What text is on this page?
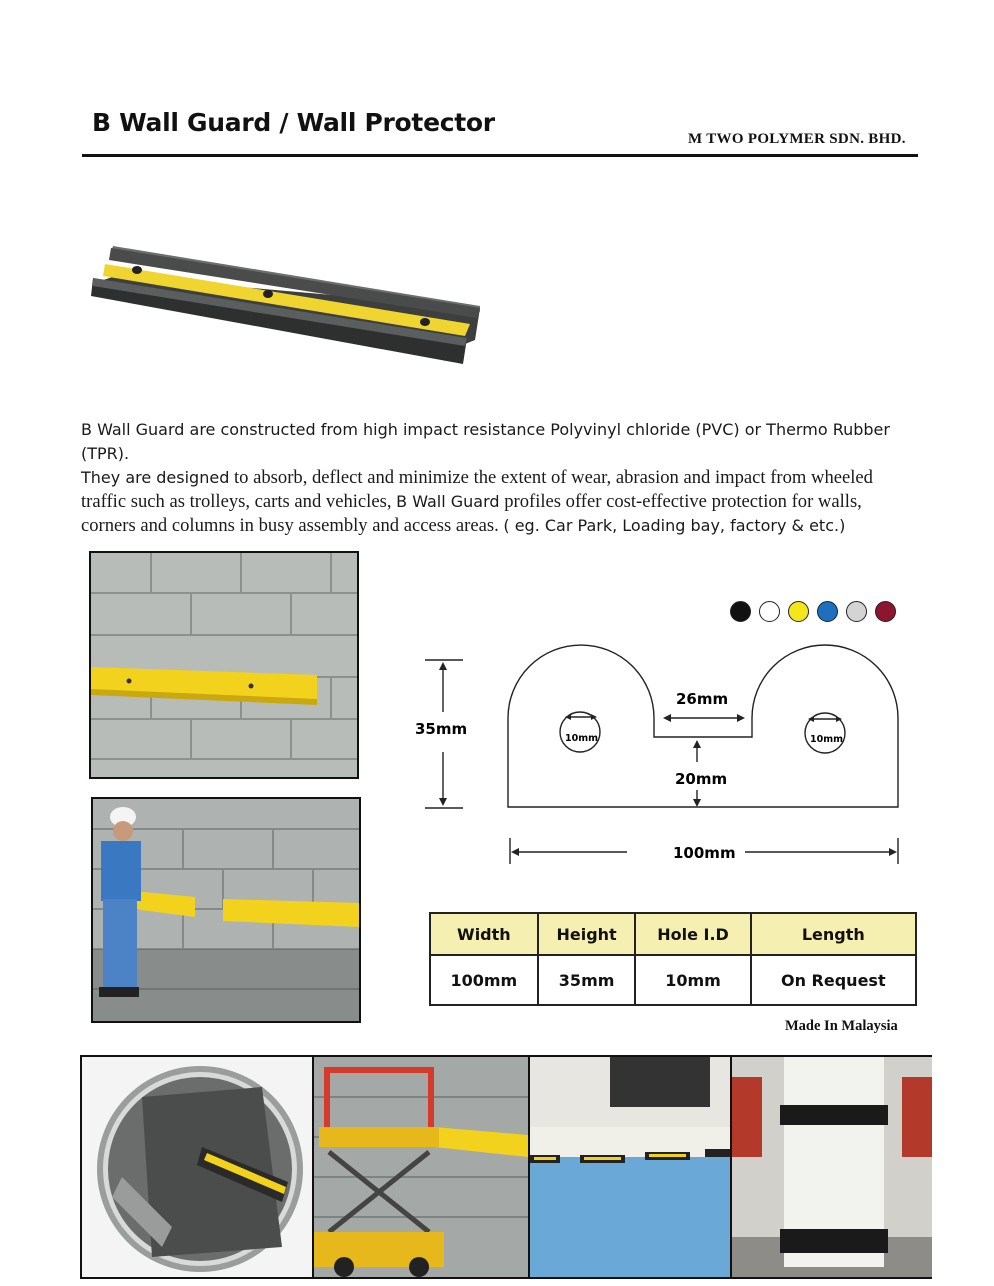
B Wall Guard / Wall Protector
M TWO POLYMER SDN. BHD.
B Wall Guard are constructed from high impact resistance Polyvinyl chloride (PVC) or Thermo Rubber (TPR).
They are designed to absorb, deflect and minimize the extent of wear, abrasion and impact from wheeled
traffic such as trolleys, carts and vehicles, B Wall Guard profiles offer cost-effective protection for walls,
corners and columns in busy assembly and access areas. ( eg. Car Park, Loading bay, factory & etc.)
35mm
26mm
20mm
10mm	10mm
100mm
Width	Height	Hole I.D	Length
100mm	35mm	10mm	On Request
Made In Malaysia
